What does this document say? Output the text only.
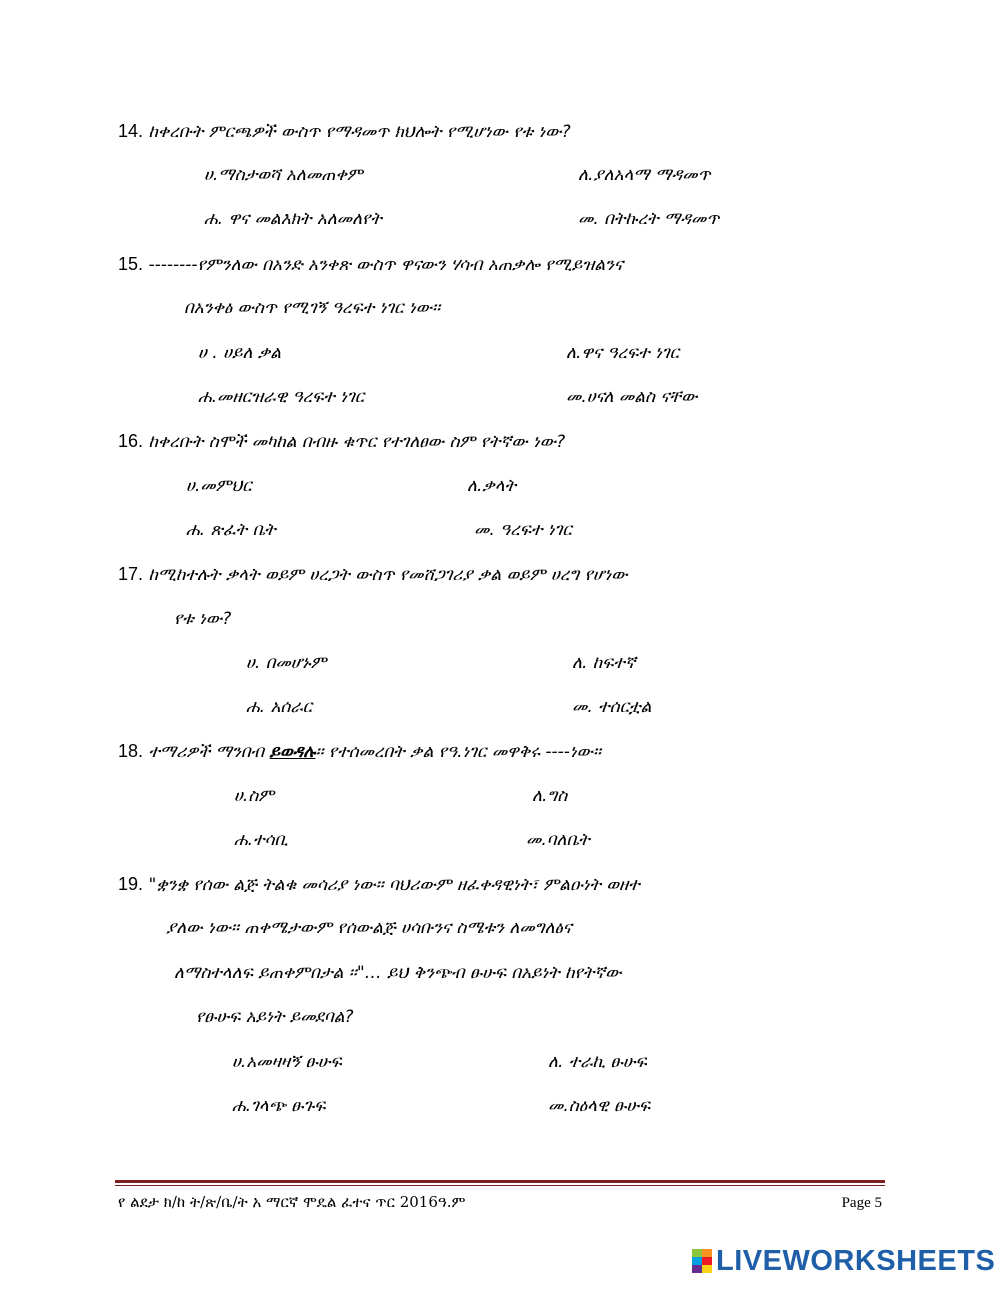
14. ከቀረቡት ምርጫዎች ውስጥ የማዳመጥ ክህሎት የሚሆነው የቱ ነው?
ሀ.ማስታወሻ አለመጠቀም	ለ.ያለአላማ ማዳመጥ
ሐ. ዋና መልእክት አለመለየት	መ. በትኩረት ማዳመጥ
15. --------የምንለው በአንድ አንቀጽ ውስጥ ዋናውን ሃሳብ አጠቃሎ የሚይዝልንና
በአንቀፅ ውስጥ የሚገኝ ዓረፍተ ነገር ነው፡፡
ሀ . ሀይለ ቃል	ለ.ዋና ዓረፍተ ነገር
ሐ.መዘርዝራዊ ዓረፍተ ነገር	መ.ሀናለ መልስ ናቸው
16. ከቀረቡት ስሞች መካከል በብዙ ቁጥር የተገለፀው ስም የትኛው ነው?
ሀ.መምህር	ለ.ቃላት
ሐ. ጽፈት ቤት	መ. ዓረፍተ ነገር
17. ከሚከተሉት ቃላት ወይም ሀረጋት ውስጥ የመሸጋገሪያ ቃል ወይም ሀረግ የሆነው
የቱ ነው?
ሀ. በመሆኑም	ለ. ከፍተኛ
ሐ. አሰራር	መ. ተሰርቷል
18. ተማሪዎች ማንበብ ይወዳሉ፡፡ የተሰመረበት ቃል የዓ.ነገር መዋቅሩ ----ነው፡፡
ሀ.ስም	ለ.ግስ
ሐ.ተሳቢ	መ.ባለቤት
19. "ቋንቋ የሰው ልጅ ትልቁ መሳሪያ ነው፡፡ ባህሪውም ዘፈቀዳዊነት፣ ምልዑነት ወዘተ
ያለው ነው፡፡ ጠቀሜታውም የሰውልጅ ሀሳቡንና ስሜቱን ለመግለፅና
ለማስተላለፍ ይጠቀምበታል ፡፡"… ይህ ቅንጭብ ፁሁፍ በአይነት ከየትኛው
የፁሁፍ አይነት ይመደባል?
ሀ.አመዛዛኝ ፁሁፍ	ለ. ተራኪ ፁሁፍ
ሐ.ገላጭ ፁጉፍ	መ.ስዕላዊ ፁሁፍ
የ ልደታ ክ/ከ ት/ጽ/ቤ/ት አ ማርኛ ሞዴል ፈተና ጥር 2016ዓ.ም	Page 5
LIVEWORKSHEETS
